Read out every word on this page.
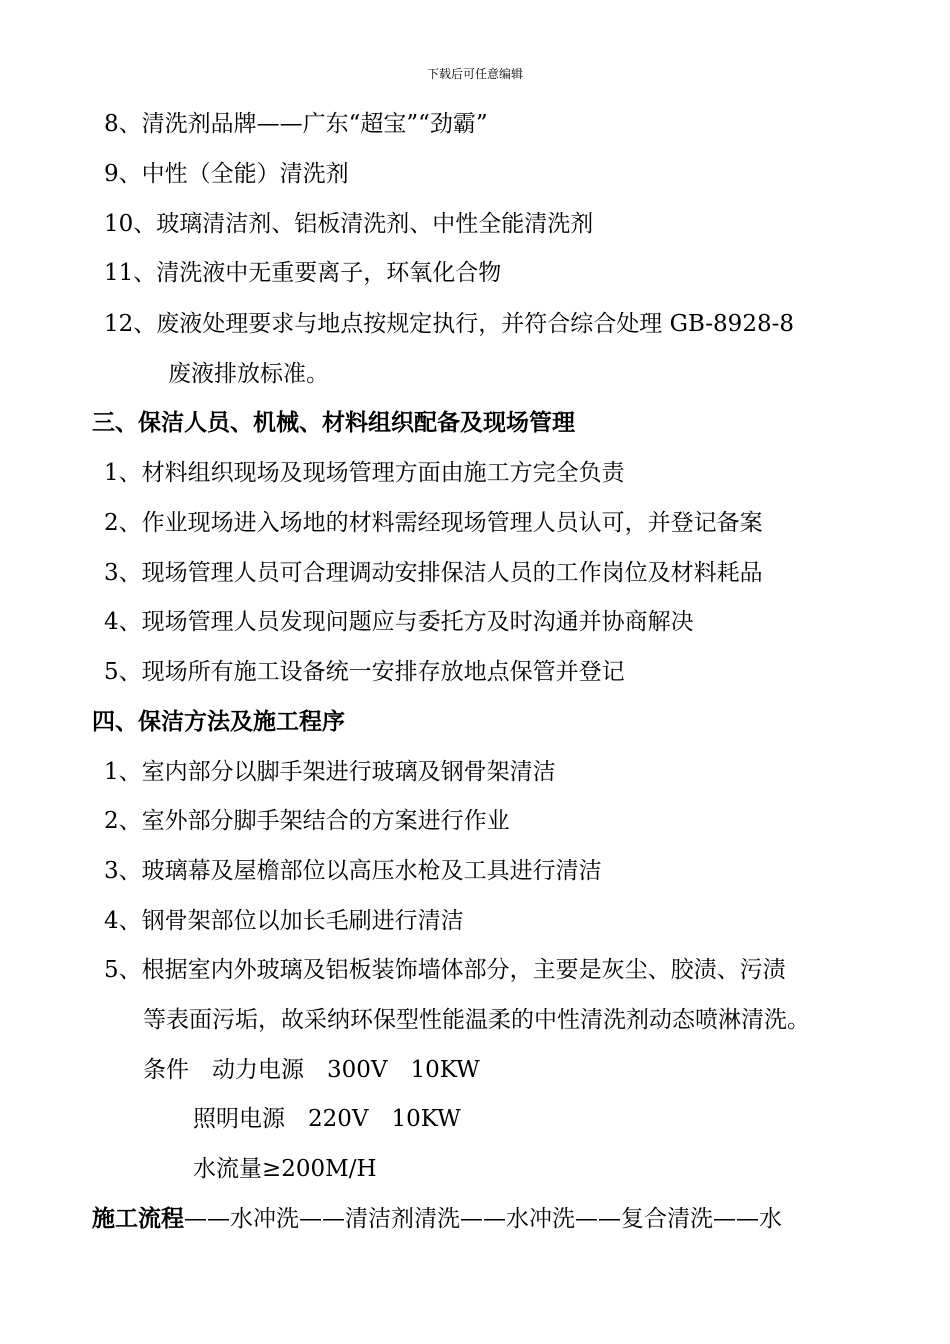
下载后可任意编辑
8、清洗剂品牌——广东“超宝”“劲霸”
9、中性（全能）清洗剂
10、玻璃清洁剂、铝板清洗剂、中性全能清洗剂
11、清洗液中无重要离子，环氧化合物
12、废液处理要求与地点按规定执行，并符合综合处理 GB-8928-8
废液排放标准。
三、保洁人员、机械、材料组织配备及现场管理
1、材料组织现场及现场管理方面由施工方完全负责
2、作业现场进入场地的材料需经现场管理人员认可，并登记备案
3、现场管理人员可合理调动安排保洁人员的工作岗位及材料耗品
4、现场管理人员发现问题应与委托方及时沟通并协商解决
5、现场所有施工设备统一安排存放地点保管并登记
四、保洁方法及施工程序
1、室内部分以脚手架进行玻璃及钢骨架清洁
2、室外部分脚手架结合的方案进行作业
3、玻璃幕及屋檐部位以高压水枪及工具进行清洁
4、钢骨架部位以加长毛刷进行清洁
5、根据室内外玻璃及铝板装饰墙体部分，主要是灰尘、胶渍、污渍
等表面污垢，故采纳环保型性能温柔的中性清洗剂动态喷淋清洗。
条件　动力电源　300V　10KW
照明电源　220V　10KW
水流量≥200M/H
施工流程——水冲洗——清洁剂清洗——水冲洗——复合清洗——水
